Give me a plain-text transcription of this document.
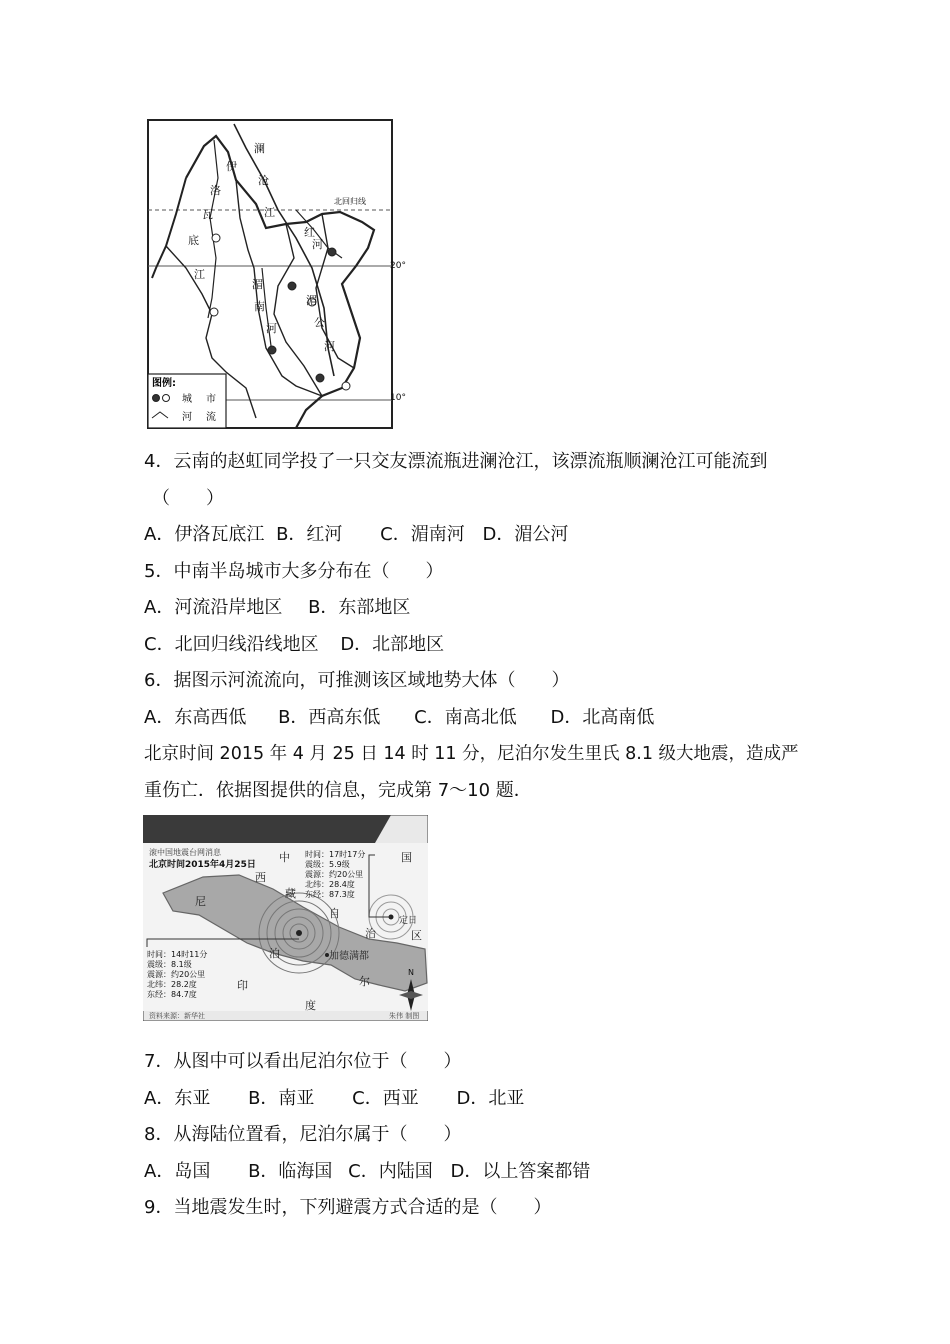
澜
沧
江
伊
洛
瓦
底
江
红
河
湄
南
河
湄
公
河
北回归线
20°
10°
图例:
城 市
河 流
4．云南的赵虹同学投了一只交友漂流瓶进澜沧江，该漂流瓶顺澜沧江可能流到
（　　）
A．伊洛瓦底江 B．红河 C．湄南河 D．湄公河
5．中南半岛城市大多分布在（　　）
A．河流沿岸地区 B．东部地区
C．北回归线沿线地区 D．北部地区
6．据图示河流流向，可推测该区域地势大体（　　）
A．东高西低 B．西高东低 C．南高北低 D．北高南低
北京时间 2015 年 4 月 25 日 14 时 11 分，尼泊尔发生里氏 8.1 级大地震，造成严
重伤亡．依据图提供的信息，完成第 7～10 题．
滚中国地震台网消息
北京时间2015年4月25日
中	国
西
藏
自
治	区
尼
泊
尔
印
度
加德满都
定日
N
时间：17时17分
震级：5.9级
震源：约20公里
北纬：28.4度
东经：87.3度
时间：14时11分
震级：8.1级
震源：约20公里
北纬：28.2度
东经：84.7度
资料来源：新华社	朱伟 制图
7．从图中可以看出尼泊尔位于（　　）
A．东亚 B．南亚 C．西亚 D．北亚
8．从海陆位置看，尼泊尔属于（　　）
A．岛国 B．临海国 C．内陆国 D．以上答案都错
9．当地震发生时，下列避震方式合适的是（　　）
